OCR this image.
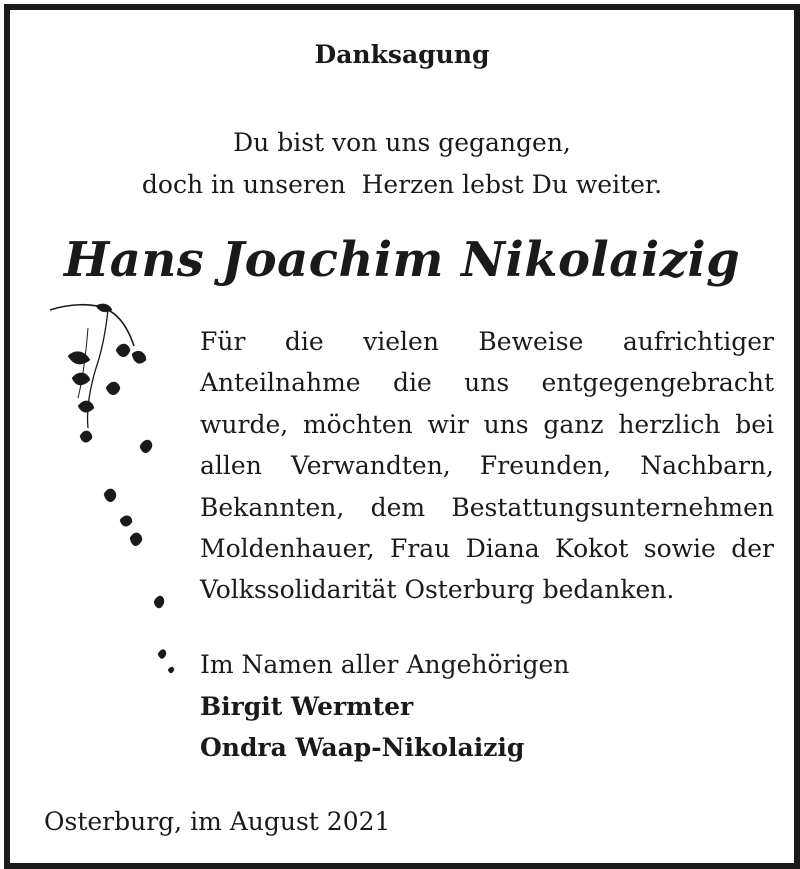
Danksagung
Du bist von uns gegangen,
doch in unseren  Herzen lebst Du weiter.
Hans Joachim Nikolaizig
Für die vielen Beweise aufrichtiger
Anteilnahme die uns entgegengebracht
wurde, möchten wir uns ganz herzlich bei
allen Verwandten, Freunden, Nachbarn,
Bekannten, dem Bestattungsunternehmen
Moldenhauer, Frau Diana Kokot sowie der
Volkssolidarität Osterburg bedanken.
Im Namen aller Angehörigen
Birgit Wermter
Ondra Waap-Nikolaizig
Osterburg, im August 2021
